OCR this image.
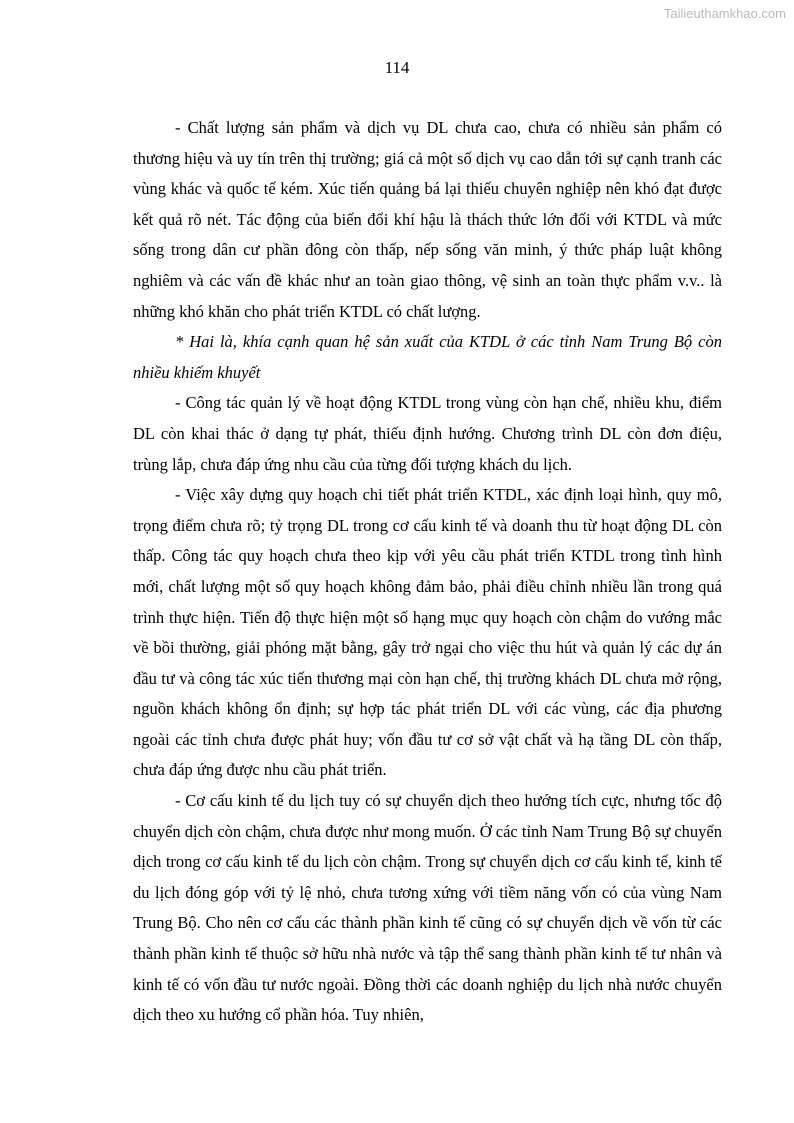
Tailieuthamkhao.com
114

- Chất lượng sản phẩm và dịch vụ DL chưa cao, chưa có nhiều sản phẩm có thương hiệu và uy tín trên thị trường; giá cả một số dịch vụ cao dẫn tới sự cạnh tranh các vùng khác và quốc tế kém. Xúc tiến quảng bá lại thiếu chuyên nghiệp nên khó đạt được kết quả rõ nét. Tác động của biến đổi khí hậu là thách thức lớn đối với KTDL và mức sống trong dân cư phần đông còn thấp, nếp sống văn minh, ý thức pháp luật không nghiêm và các vấn đề khác như an toàn giao thông, vệ sinh an toàn thực phẩm v.v.. là những khó khăn cho phát triển KTDL có chất lượng.

* Hai là, khía cạnh quan hệ sản xuất của KTDL ở các tỉnh Nam Trung Bộ còn nhiều khiếm khuyết

- Công tác quản lý về hoạt động KTDL trong vùng còn hạn chế, nhiều khu, điểm DL còn khai thác ở dạng tự phát, thiếu định hướng. Chương trình DL còn đơn điệu, trùng lắp, chưa đáp ứng nhu cầu của từng đối tượng khách du lịch.

- Việc xây dựng quy hoạch chi tiết phát triển KTDL, xác định loại hình, quy mô, trọng điểm chưa rõ; tỷ trọng DL trong cơ cấu kinh tế và doanh thu từ hoạt động DL còn thấp. Công tác quy hoạch chưa theo kịp với yêu cầu phát triển KTDL trong tình hình mới, chất lượng một số quy hoạch không đảm bảo, phải điều chỉnh nhiều lần trong quá trình thực hiện. Tiến độ thực hiện một số hạng mục quy hoạch còn chậm do vướng mắc về bồi thường, giải phóng mặt bằng, gây trở ngại cho việc thu hút và quản lý các dự án đầu tư và công tác xúc tiến thương mại còn hạn chế, thị trường khách DL chưa mở rộng, nguồn khách không ổn định; sự hợp tác phát triển DL với các vùng, các địa phương ngoài các tỉnh chưa được phát huy; vốn đầu tư cơ sở vật chất và hạ tầng DL còn thấp, chưa đáp ứng được nhu cầu phát triển.

- Cơ cấu kinh tế du lịch tuy có sự chuyển dịch theo hướng tích cực, nhưng tốc độ chuyển dịch còn chậm, chưa được như mong muốn. Ở các tỉnh Nam Trung Bộ sự chuyển dịch trong cơ cấu kinh tế du lịch còn chậm. Trong sự chuyển dịch cơ cấu kinh tế, kinh tế du lịch đóng góp với tỷ lệ nhỏ, chưa tương xứng với tiềm năng vốn có của vùng Nam Trung Bộ. Cho nên cơ cấu các thành phần kinh tế cũng có sự chuyển dịch về vốn từ các thành phần kinh tế thuộc sở hữu nhà nước và tập thể sang thành phần kinh tế tư nhân và kinh tế có vốn đầu tư nước ngoài. Đồng thời các doanh nghiệp du lịch nhà nước chuyển dịch theo xu hướng cổ phần hóa. Tuy nhiên,
